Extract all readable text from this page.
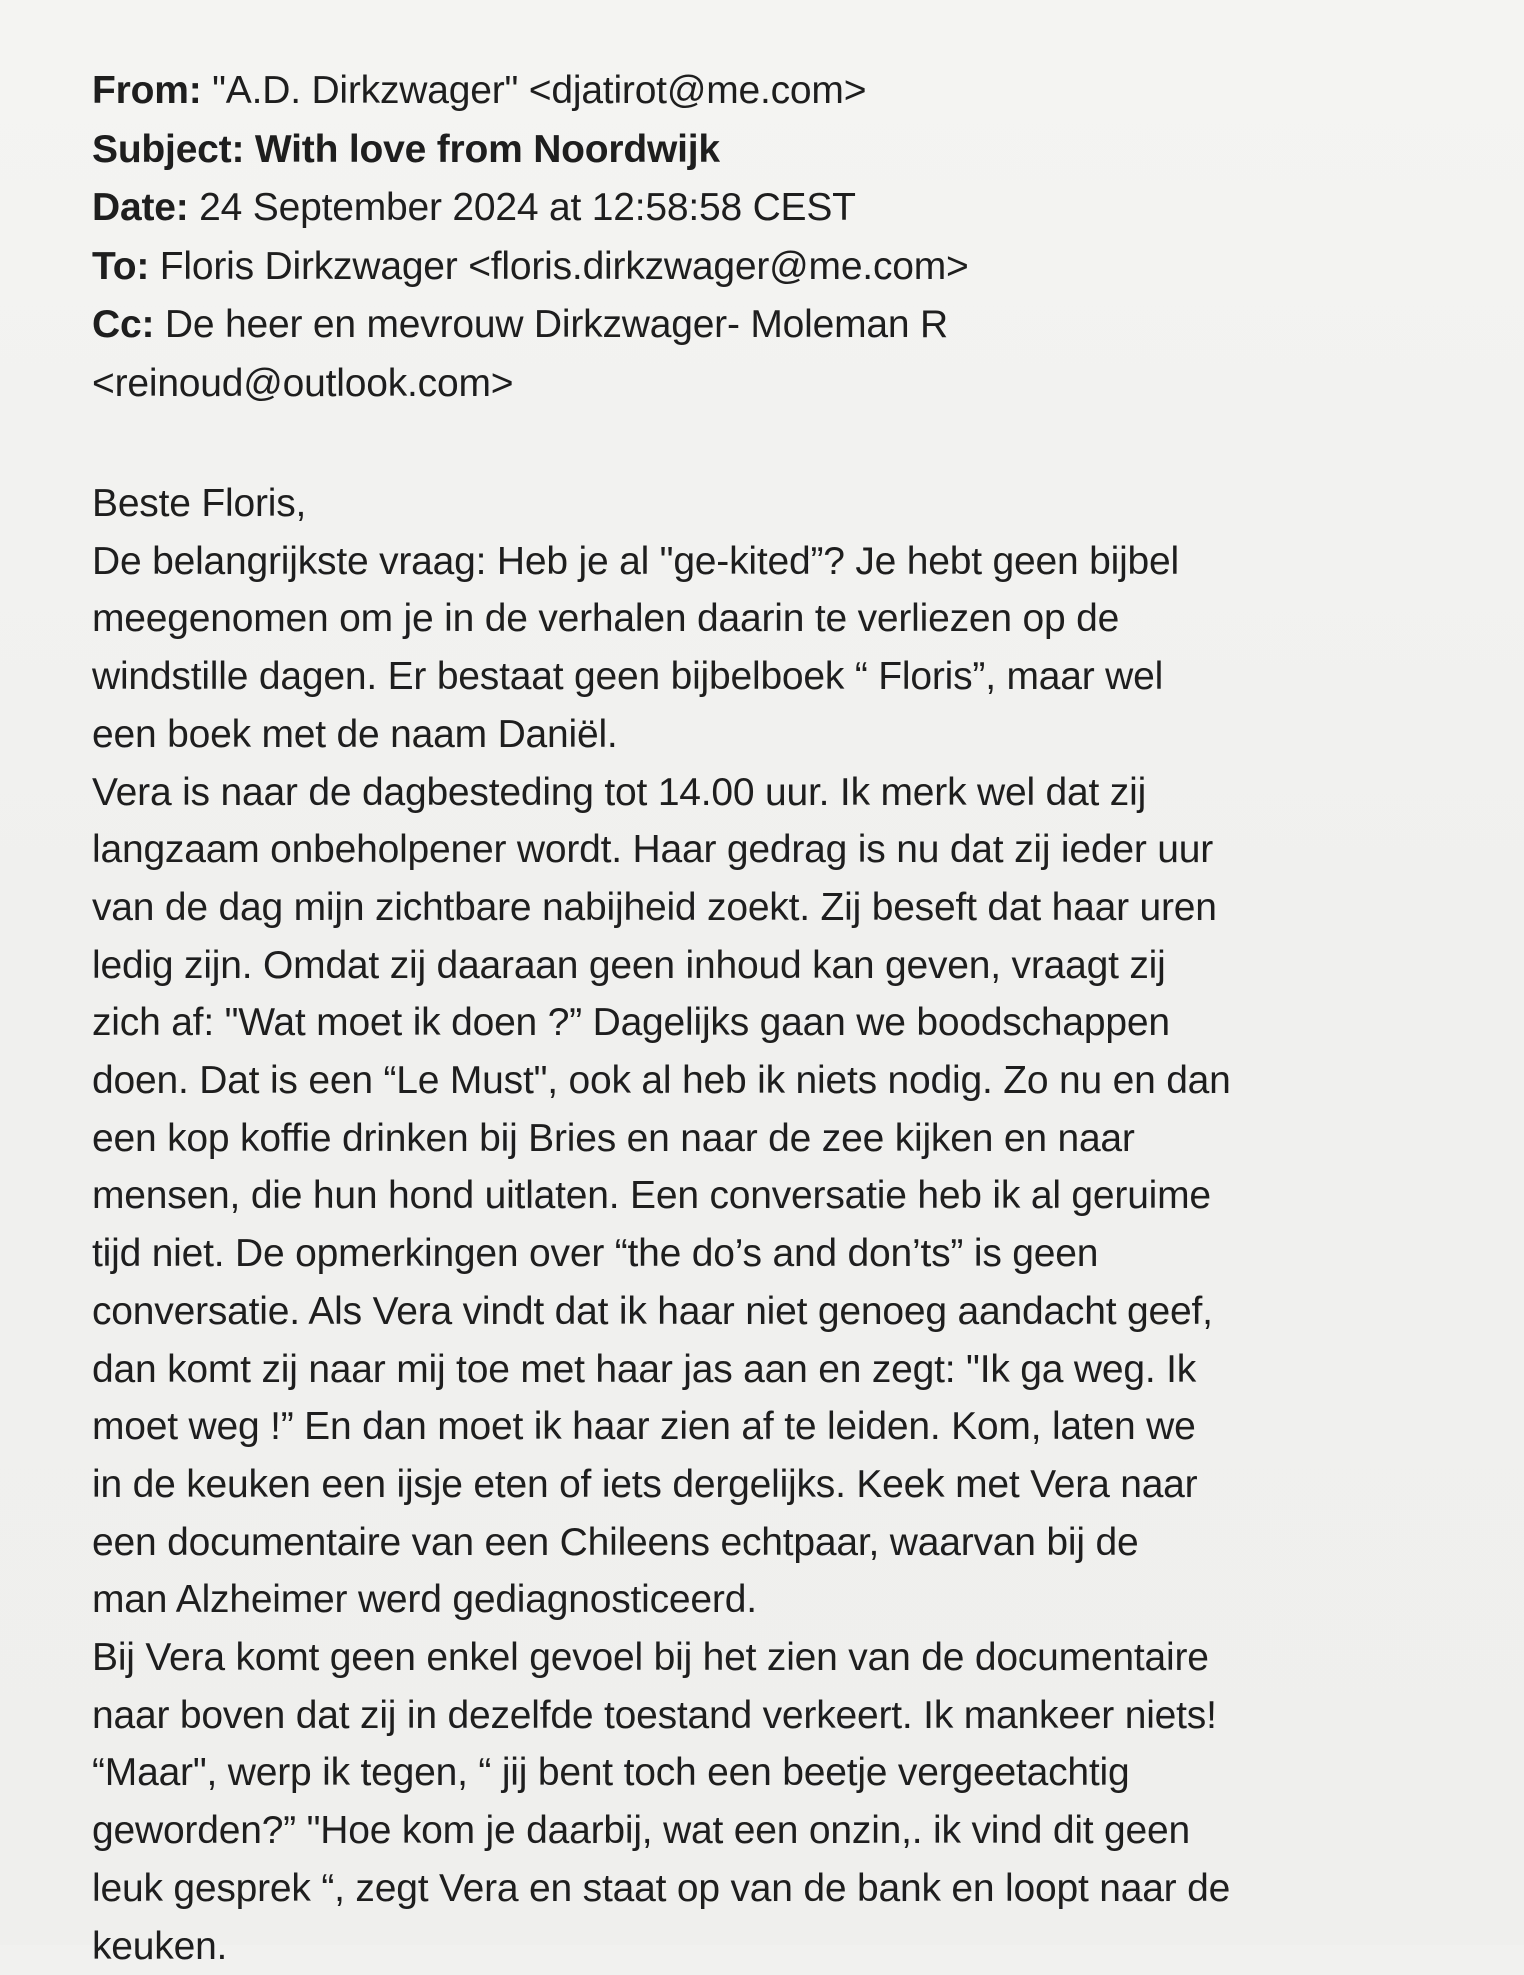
From: "A.D. Dirkzwager" <djatirot@me.com>
Subject: With love from Noordwijk
Date: 24 September 2024 at 12:58:58 CEST
To: Floris Dirkzwager <floris.dirkzwager@me.com>
Cc: De heer en mevrouw Dirkzwager- Moleman R
<reinoud@outlook.com>
Beste Floris,
De belangrijkste vraag: Heb je al "ge-kited”? Je hebt geen bijbel
meegenomen om je in de verhalen daarin te verliezen op de
windstille dagen. Er bestaat geen bijbelboek “ Floris”, maar wel
een boek met de naam Daniël.
Vera is naar de dagbesteding tot 14.00 uur. Ik merk wel dat zij
langzaam onbeholpener wordt. Haar gedrag is nu dat zij ieder uur
van de dag mijn zichtbare nabijheid zoekt. Zij beseft dat haar uren
ledig zijn. Omdat zij daaraan geen inhoud kan geven, vraagt zij
zich af: "Wat moet ik doen ?” Dagelijks gaan we boodschappen
doen. Dat is een “Le Must", ook al heb ik niets nodig. Zo nu en dan
een kop koffie drinken bij Bries en naar de zee kijken en naar
mensen, die hun hond uitlaten. Een conversatie heb ik al geruime
tijd niet. De opmerkingen over “the do’s and don’ts” is geen
conversatie. Als Vera vindt dat ik haar niet genoeg aandacht geef,
dan komt zij naar mij toe met haar jas aan en zegt: "Ik ga weg. Ik
moet weg !” En dan moet ik haar zien af te leiden. Kom, laten we
in de keuken een ijsje eten of iets dergelijks. Keek met Vera naar
een documentaire van een Chileens echtpaar, waarvan bij de
man Alzheimer werd gediagnosticeerd.
Bij Vera komt geen enkel gevoel bij het zien van de documentaire
naar boven dat zij in dezelfde toestand verkeert. Ik mankeer niets!
“Maar", werp ik tegen, “ jij bent toch een beetje vergeetachtig
geworden?” "Hoe kom je daarbij, wat een onzin,. ik vind dit geen
leuk gesprek “, zegt Vera en staat op van de bank en loopt naar de
keuken.
